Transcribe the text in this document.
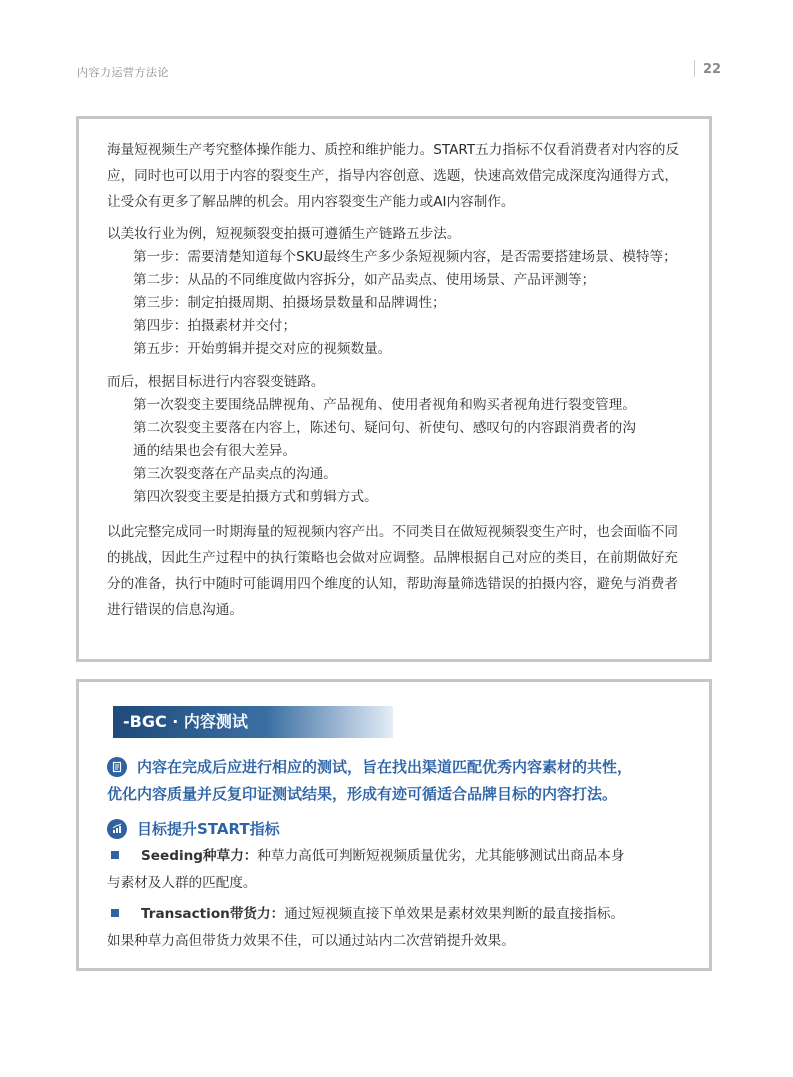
内容力运营方法论	22

海量短视频生产考究整体操作能力、质控和维护能力。START五力指标不仅看消费者对内容的反应，同时也可以用于内容的裂变生产，指导内容创意、选题，快速高效借完成深度沟通得方式，让受众有更多了解品牌的机会。用内容裂变生产能力或AI内容制作。

以美妆行业为例，短视频裂变拍摄可遵循生产链路五步法。
第一步：需要清楚知道每个SKU最终生产多少条短视频内容，是否需要搭建场景、模特等；
第二步：从品的不同维度做内容拆分，如产品卖点、使用场景、产品评测等；
第三步：制定拍摄周期、拍摄场景数量和品牌调性；
第四步：拍摄素材并交付；
第五步：开始剪辑并提交对应的视频数量。
而后，根据目标进行内容裂变链路。
第一次裂变主要围绕品牌视角、产品视角、使用者视角和购买者视角进行裂变管理。
第二次裂变主要落在内容上，陈述句、疑问句、祈使句、感叹句的内容跟消费者的沟
通的结果也会有很大差异。
第三次裂变落在产品卖点的沟通。
第四次裂变主要是拍摄方式和剪辑方式。

以此完整完成同一时期海量的短视频内容产出。不同类目在做短视频裂变生产时，也会面临不同的挑战，因此生产过程中的执行策略也会做对应调整。品牌根据自己对应的类目，在前期做好充分的准备，执行中随时可能调用四个维度的认知，帮助海量筛选错误的拍摄内容，避免与消费者进行错误的信息沟通。

-BGC · 内容测试
内容在完成后应进行相应的测试，旨在找出渠道匹配优秀内容素材的共性，
优化内容质量并反复印证测试结果，形成有迹可循适合品牌目标的内容打法。
目标提升START指标
Seeding种草力：种草力高低可判断短视频质量优劣，尤其能够测试出商品本身
与素材及人群的匹配度。
Transaction带货力：通过短视频直接下单效果是素材效果判断的最直接指标。
如果种草力高但带货力效果不佳，可以通过站内二次营销提升效果。
